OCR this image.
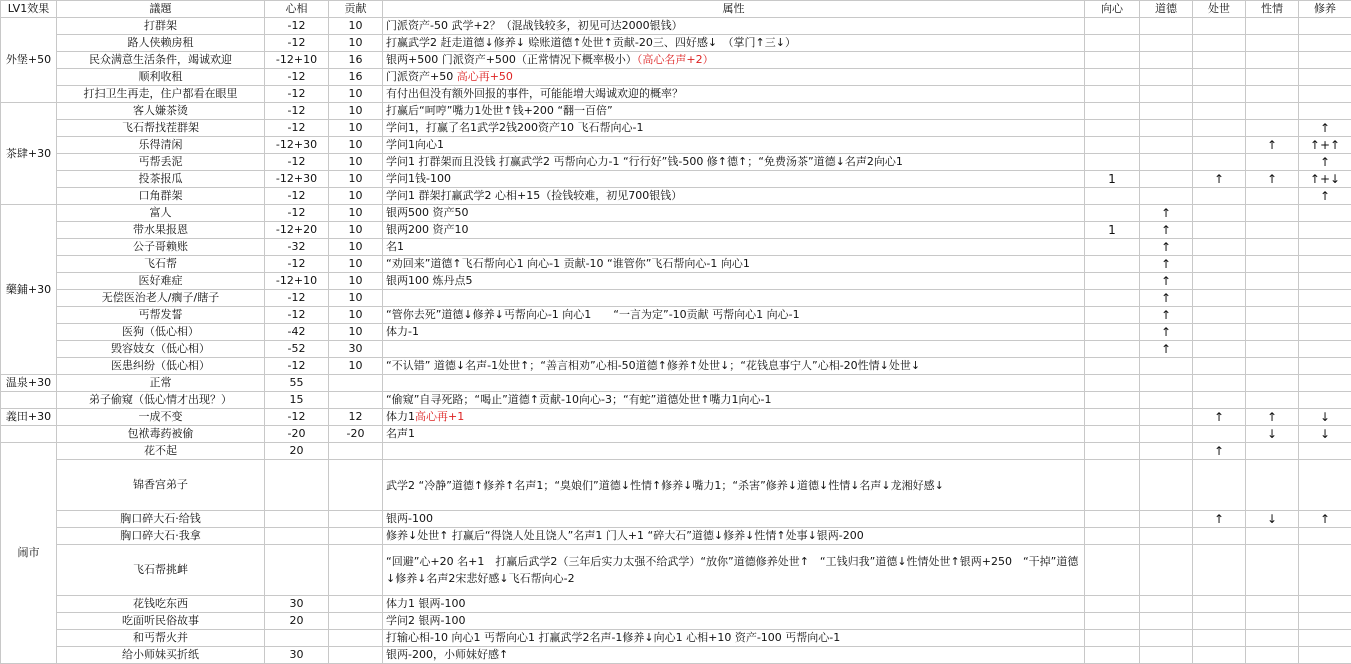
LV1效果	議題	心相	贡献	属性	向心	道德	处世	性情	修养
外堡+50	打群架	-12	10	门派资产-50 武学+2？（混战钱较多，初见可达2000银钱）					
	路人侠赖房租	-12	10	打赢武学2 赶走道德↓修养↓ 赊账道德↑处世↑贡献-20三、四好感↓　（掌门↑三↓）					
	民众满意生活条件，竭诚欢迎	-12+10	16	银两+500 门派资产+500（正常情况下概率极小）（高心名声+2）					
	顺利收租	-12	16	门派资产+50 高心再+50					
	打扫卫生再走，住户都看在眼里	-12	10	有付出但没有额外回报的事件，可能能增大竭诚欢迎的概率？					
茶肆+30	客人嫌茶烫	-12	10	打赢后“呵哼”嘴力1处世↑钱+200 “翻一百倍”					
	飞石帮找茬群架	-12	10	学问1，打赢了名1武学2钱200资产10 飞石帮向心-1					↑
	乐得清闲	-12+30	10	学问1向心1				↑	↑+↑
	丐帮丢泥	-12	10	学问1 打群架而且没钱 打赢武学2 丐帮向心力-1 “行行好”钱-500 修↑德↑；“免费汤茶”道德↓名声2向心1					↑
	投茶报瓜	-12+30	10	学问1钱-100	1		↑	↑	↑+↓
	口角群架	-12	10	学问1 群架打赢武学2 心相+15（捡钱较难，初见700银钱）					↑
藥鋪+30	富人	-12	10	银两500 资产50		↑			
	带水果报恩	-12+20	10	银两200 资产10	1	↑			
	公子哥赖账	-32	10	名1		↑			
	飞石帮	-12	10	“劝回来”道德↑飞石帮向心1 向心-1 贡献-10 “谁管你”飞石帮向心-1 向心1		↑			
	医好难症	-12+10	10	银两100 炼丹点5		↑			
	无偿医治老人/瘸子/瞎子	-12	10			↑			
	丐帮发誓	-12	10	“管你去死”道德↓修养↓丐帮向心-1 向心1　　“一言为定”-10贡献 丐帮向心1 向心-1		↑			
	医狗（低心相）	-42	10	体力-1		↑			
	毁容妓女（低心相）	-52	30			↑			
	医患纠纷（低心相）	-12	10	“不认错” 道德↓名声-1处世↑；“善言相劝”心相-50道德↑修养↑处世↓；“花钱息事宁人”心相-20性情↓处世↓					
温泉+30	正常	55							
	弟子偷窥（低心情才出现？）	15		“偷窥”自寻死路；“喝止”道德↑贡献-10向心-3；“有蛇”道德处世↑嘴力1向心-1					
義田+30	一成不变	-12	12	体力1高心再+1			↑	↑	↓
	包袱毒药被偷	-20	-20	名声1				↓	↓
闹市	花不起	20					↑		
	锦香宫弟子			武学2 “冷静”道德↑修养↑名声1；“臭娘们”道德↓性情↑修养↓嘴力1；“杀害”修养↓道德↓性情↓名声↓龙湘好感↓					
	胸口碎大石·给钱			银两-100			↑	↓	↑
	胸口碎大石·我拿			修养↓处世↑ 打赢后“得饶人处且饶人”名声1 门人+1 “碎大石”道德↓修养↓性情↑处事↓银两-200					
	飞石帮挑衅			“回避”心+20 名+1　打赢后武学2（三年后实力太强不给武学）“放你”道德修养处世↑　“工钱归我”道德↓性情处世↑银两+250　“干掉”道德↓修养↓名声2宋悲好感↓飞石帮向心-2					
	花钱吃东西	30		体力1 银两-100					
	吃面听民俗故事	20		学问2 银两-100					
	和丐帮火并			打输心相-10 向心1 丐帮向心1 打赢武学2名声-1修养↓向心1 心相+10 资产-100 丐帮向心-1					
	给小师妹买折纸	30		银两-200，小师妹好感↑					
